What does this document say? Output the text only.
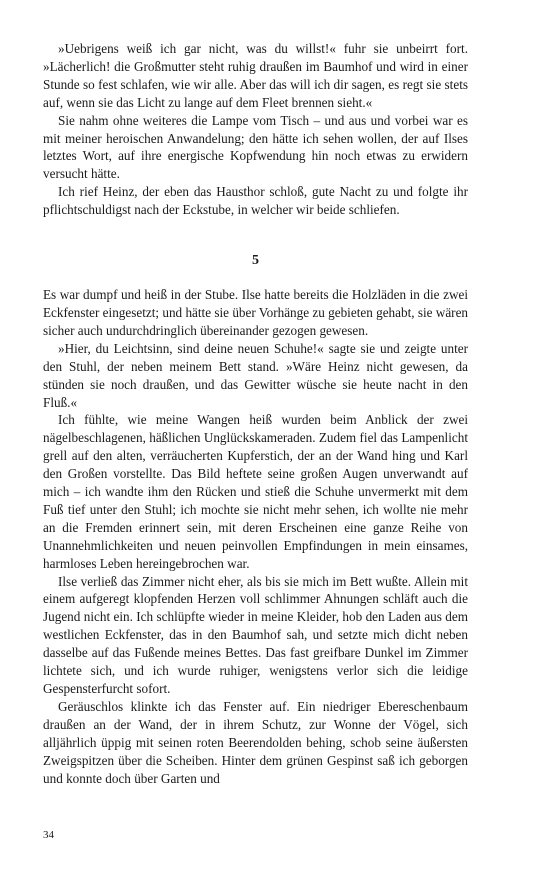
»Uebrigens weiß ich gar nicht, was du willst!« fuhr sie unbeirrt fort. »Lächerlich! die Großmutter steht ruhig draußen im Baumhof und wird in einer Stunde so fest schlafen, wie wir alle. Aber das will ich dir sagen, es regt sie stets auf, wenn sie das Licht zu lange auf dem Fleet brennen sieht.«

Sie nahm ohne weiteres die Lampe vom Tisch – und aus und vorbei war es mit meiner heroischen Anwandelung; den hätte ich sehen wollen, der auf Ilses letztes Wort, auf ihre energische Kopfwendung hin noch etwas zu erwidern versucht hätte.

Ich rief Heinz, der eben das Hausthor schloß, gute Nacht zu und folgte ihr pflichtschuldigst nach der Eckstube, in welcher wir beide schliefen.

5

Es war dumpf und heiß in der Stube. Ilse hatte bereits die Holzläden in die zwei Eckfenster eingesetzt; und hätte sie über Vorhänge zu gebieten gehabt, sie wären sicher auch undurchdringlich übereinander gezogen gewesen.

»Hier, du Leichtsinn, sind deine neuen Schuhe!« sagte sie und zeigte unter den Stuhl, der neben meinem Bett stand. »Wäre Heinz nicht gewesen, da stünden sie noch draußen, und das Gewitter wüsche sie heute nacht in den Fluß.«

Ich fühlte, wie meine Wangen heiß wurden beim Anblick der zwei nägelbeschlagenen, häßlichen Unglückskameraden. Zudem fiel das Lampenlicht grell auf den alten, verräucherten Kupferstich, der an der Wand hing und Karl den Großen vorstellte. Das Bild heftete seine großen Augen unverwandt auf mich – ich wandte ihm den Rücken und stieß die Schuhe unvermerkt mit dem Fuß tief unter den Stuhl; ich mochte sie nicht mehr sehen, ich wollte nie mehr an die Fremden erinnert sein, mit deren Erscheinen eine ganze Reihe von Unannehmlichkeiten und neuen peinvollen Empfindungen in mein einsames, harmloses Leben hereingebrochen war.

Ilse verließ das Zimmer nicht eher, als bis sie mich im Bett wußte. Allein mit einem aufgeregt klopfenden Herzen voll schlimmer Ahnungen schläft auch die Jugend nicht ein. Ich schlüpfte wieder in meine Kleider, hob den Laden aus dem westlichen Eckfenster, das in den Baumhof sah, und setzte mich dicht neben dasselbe auf das Fußende meines Bettes. Das fast greifbare Dunkel im Zimmer lichtete sich, und ich wurde ruhiger, wenigstens verlor sich die leidige Gespensterfurcht sofort.

Geräuschlos klinkte ich das Fenster auf. Ein niedriger Ebereschenbaum draußen an der Wand, der in ihrem Schutz, zur Wonne der Vögel, sich alljährlich üppig mit seinen roten Beerendolden behing, schob seine äußersten Zweigspitzen über die Scheiben. Hinter dem grünen Gespinst saß ich geborgen und konnte doch über Garten und

34
